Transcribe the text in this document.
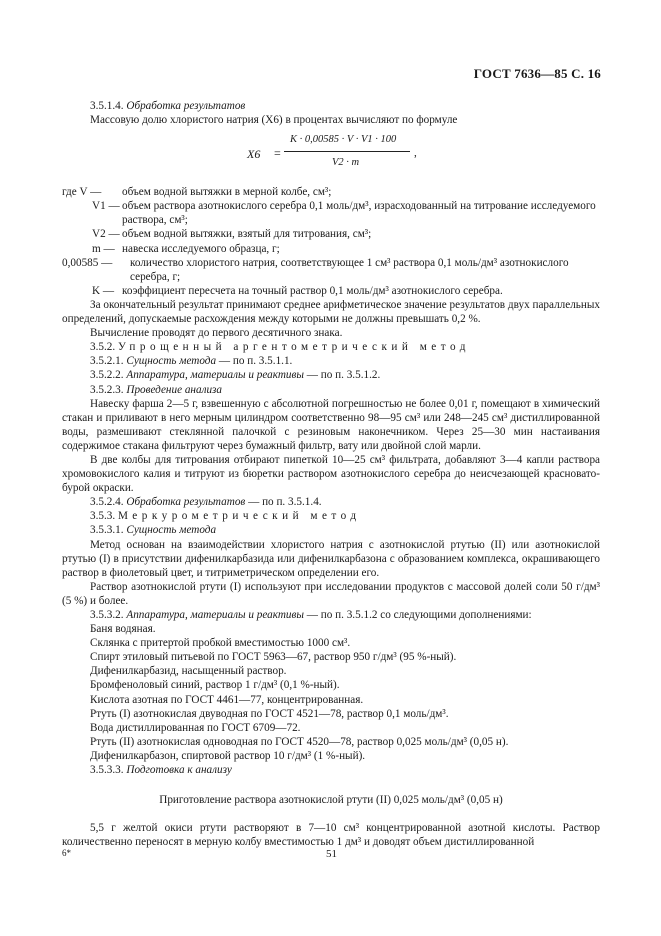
ГОСТ 7636—85 С. 16

3.5.1.4. Обработка результатов

Массовую долю хлористого натрия (X6) в процентах вычисляют по формуле

X6 =
K · 0,00585 · V · V1 · 100
V2 · m
,
где V —	объем водной вытяжки в мерной колбе, см³;
V1 — объем раствора азотнокислого серебра 0,1 моль/дм³, израсходованный на титрование исследуемого раствора, см³;
V2 — объем водной вытяжки, взятый для титрования, см³;
m — навеска исследуемого образца, г;
0,00585 —	количество хлористого натрия, соответствующее 1 см³ раствора 0,1 моль/дм³ азотнокислого серебра, г;
K — коэффициент пересчета на точный раствор 0,1 моль/дм³ азотнокислого серебра.

За окончательный результат принимают среднее арифметическое значение результатов двух параллельных определений, допускаемые расхождения между которыми не должны превышать 0,2 %.

Вычисление проводят до первого десятичного знака.

3.5.2. Упрощенный аргентометрический метод

3.5.2.1. Сущность метода — по п. 3.5.1.1.

3.5.2.2. Аппаратура, материалы и реактивы — по п. 3.5.1.2.

3.5.2.3. Проведение анализа

Навеску фарша 2—5 г, взвешенную с абсолютной погрешностью не более 0,01 г, помещают в химический стакан и приливают в него мерным цилиндром соответственно 98—95 см³ или 248—245 см³ дистиллированной воды, размешивают стеклянной палочкой с резиновым наконечником. Через 25—30 мин настаивания содержимое стакана фильтруют через бумажный фильтр, вату или двойной слой марли.

В две колбы для титрования отбирают пипеткой 10—25 см³ фильтрата, добавляют 3—4 капли раствора хромовокислого калия и титруют из бюретки раствором азотнокислого серебра до неисчезающей красновато-бурой окраски.

3.5.2.4. Обработка результатов — по п. 3.5.1.4.

3.5.3. Меркурометрический метод

3.5.3.1. Сущность метода

Метод основан на взаимодействии хлористого натрия с азотнокислой ртутью (II) или азотнокислой ртутью (I) в присутствии дифенилкарбазида или дифенилкарбазона с образованием комплекса, окрашивающего раствор в фиолетовый цвет, и титриметрическом определении его.

Раствор азотнокислой ртути (I) используют при исследовании продуктов с массовой долей соли 50 г/дм³ (5 %) и более.

3.5.3.2. Аппаратура, материалы и реактивы — по п. 3.5.1.2 со следующими дополнениями:

Баня водяная.

Склянка с притертой пробкой вместимостью 1000 см³.

Спирт этиловый питьевой по ГОСТ 5963—67, раствор 950 г/дм³ (95 %-ный).

Дифенилкарбазид, насыщенный раствор.

Бромфеноловый синий, раствор 1 г/дм³ (0,1 %-ный).

Кислота азотная по ГОСТ 4461—77, концентрированная.

Ртуть (I) азотнокислая двуводная по ГОСТ 4521—78, раствор 0,1 моль/дм³.

Вода дистиллированная по ГОСТ 6709—72.

Ртуть (II) азотнокислая одноводная по ГОСТ 4520—78, раствор 0,025 моль/дм³ (0,05 н).

Дифенилкарбазон, спиртовой раствор 10 г/дм³ (1 %-ный).

3.5.3.3. Подготовка к анализу

Приготовление раствора азотнокислой ртути (II) 0,025 моль/дм³ (0,05 н)

5,5 г желтой окиси ртути растворяют в 7—10 см³ концентрированной азотной кислоты. Раствор количественно переносят в мерную колбу вместимостью 1 дм³ и доводят объем дистиллированной

6*	51
